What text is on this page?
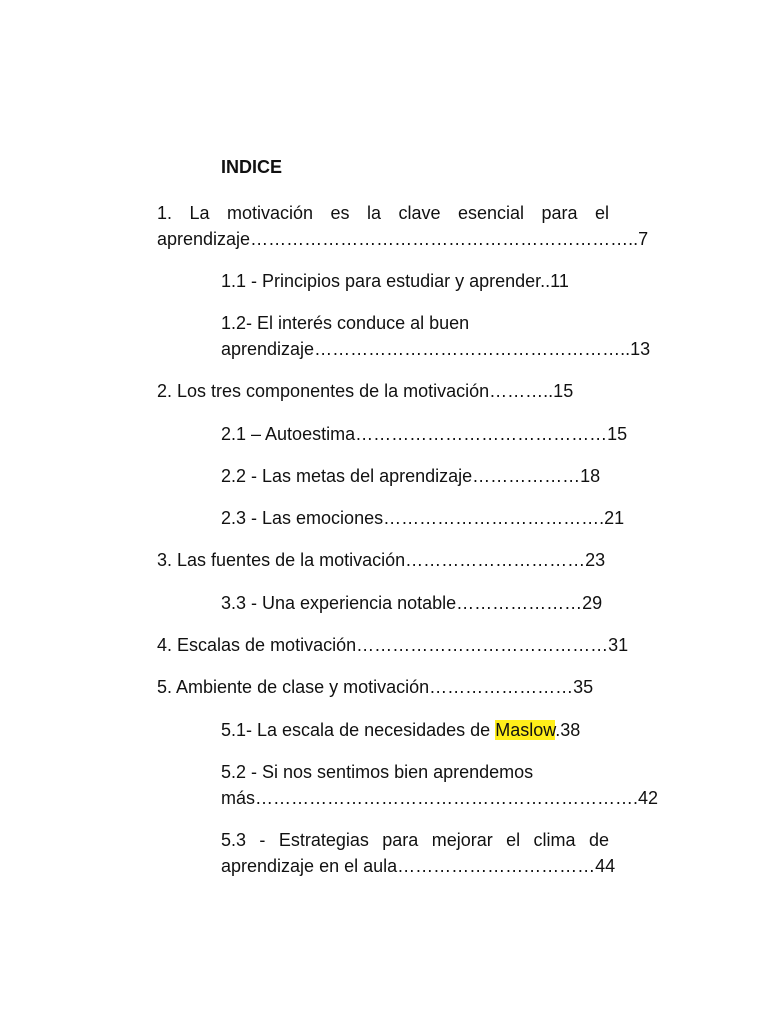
INDICE
1. La motivación es la clave esencial para el
aprendizaje………………………………………………………..7
1.1 - Principios para estudiar y aprender..11
1.2- El interés conduce al buen
aprendizaje……………………………………………..13
2. Los tres componentes de la motivación………..15
2.1 – Autoestima……………………………………15
2.2 - Las metas del aprendizaje………………18
2.3 - Las emociones……………………………….21
3. Las fuentes de la motivación…………………………23
3.3 - Una experiencia notable…………………29
4. Escalas de motivación……………………………………31
5. Ambiente de clase y motivación……………………35
5.1- La escala de necesidades de Maslow.38
5.2 - Si nos sentimos bien aprendemos
más……………………………………………………….42
5.3 - Estrategias para mejorar el clima de
aprendizaje en el aula……………………………44
